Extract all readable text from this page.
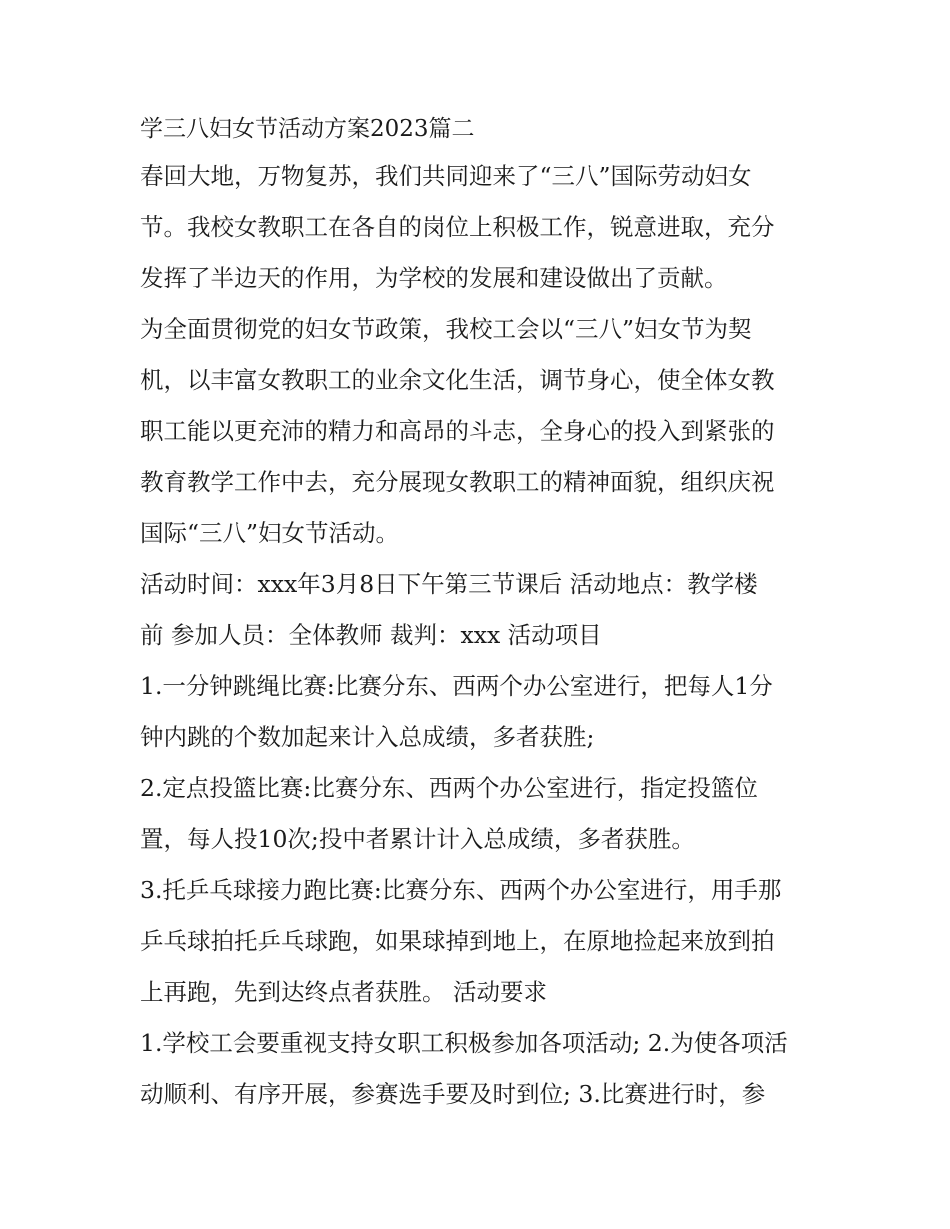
学三八妇女节活动方案2023篇二

春回大地，万物复苏，我们共同迎来了“三八”国际劳动妇女

节。我校女教职工在各自的岗位上积极工作，锐意进取，充分

发挥了半边天的作用，为学校的发展和建设做出了贡献。

为全面贯彻党的妇女节政策，我校工会以“三八”妇女节为契

机，以丰富女教职工的业余文化生活，调节身心，使全体女教

职工能以更充沛的精力和高昂的斗志，全身心的投入到紧张的

教育教学工作中去，充分展现女教职工的精神面貌，组织庆祝

国际“三八”妇女节活动。

活动时间：xxx年3月8日下午第三节课后 活动地点：教学楼

前 参加人员：全体教师 裁判：xxx 活动项目

1.一分钟跳绳比赛:比赛分东、西两个办公室进行，把每人1分

钟内跳的个数加起来计入总成绩，多者获胜;

2.定点投篮比赛:比赛分东、西两个办公室进行，指定投篮位

置，每人投10次;投中者累计计入总成绩，多者获胜。

3.托乒乓球接力跑比赛:比赛分东、西两个办公室进行，用手那

乒乓球拍托乒乓球跑，如果球掉到地上，在原地捡起来放到拍

上再跑，先到达终点者获胜。 活动要求

1.学校工会要重视支持女职工积极参加各项活动; 2.为使各项活

动顺利、有序开展，参赛选手要及时到位; 3.比赛进行时，参
